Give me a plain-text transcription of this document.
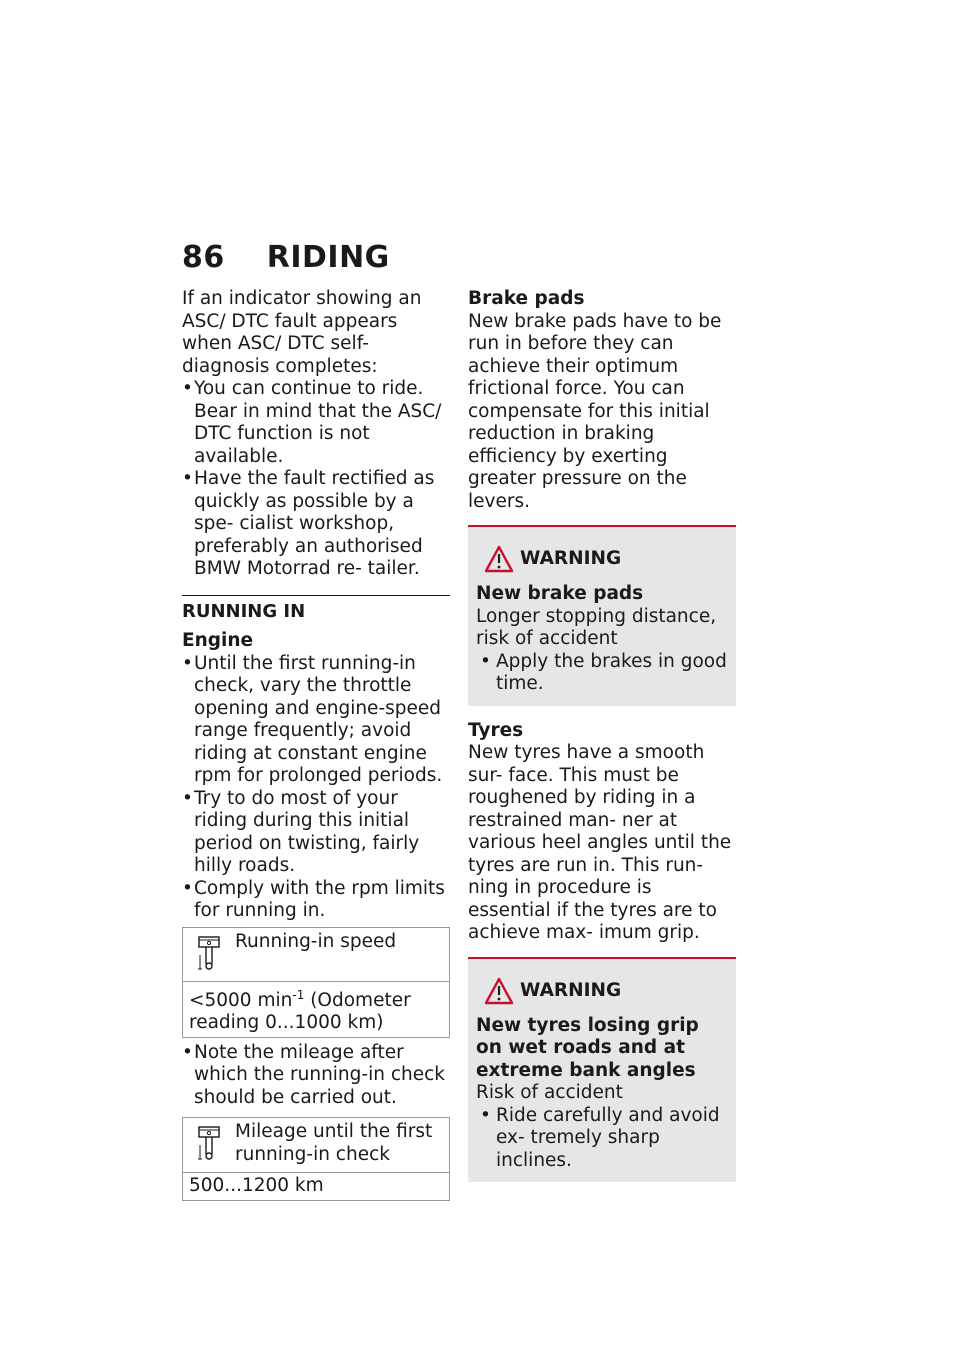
86 RIDING

If an indicator showing an ASC/ DTC fault appears when ASC/ DTC self-diagnosis completes:

• You can continue to ride. Bear in mind that the ASC/ DTC function is not available.

• Have the fault rectified as quickly as possible by a spe- cialist workshop, preferably an authorised BMW Motorrad re- tailer.

RUNNING IN
Engine

• Until the first running-in check, vary the throttle opening and engine-speed range frequently; avoid riding at constant engine rpm for prolonged periods.

• Try to do most of your riding during this initial period on twisting, fairly hilly roads.

• Comply with the rpm limits for running in.

Running-in speed
<5000 $\min^{-1}$ (Odometer reading 0...1000 km)

• Note the mileage after which the running-in check should be carried out.

Mileage until the first running-in check
500...1200 km
Brake pads

New brake pads have to be run in before they can achieve their optimum frictional force. You can compensate for this initial reduction in braking efficiency by exerting greater pressure on the levers.

WARNING
New brake pads

Longer stopping distance, risk of accident

• Apply the brakes in good time.

Tyres

New tyres have a smooth sur- face. This must be roughened by riding in a restrained man- ner at various heel angles until the tyres are run in. This run- ning in procedure is essential if the tyres are to achieve max- imum grip.

WARNING
New tyres losing grip on wet roads and at extreme bank angles

Risk of accident

• Ride carefully and avoid ex- tremely sharp inclines.
